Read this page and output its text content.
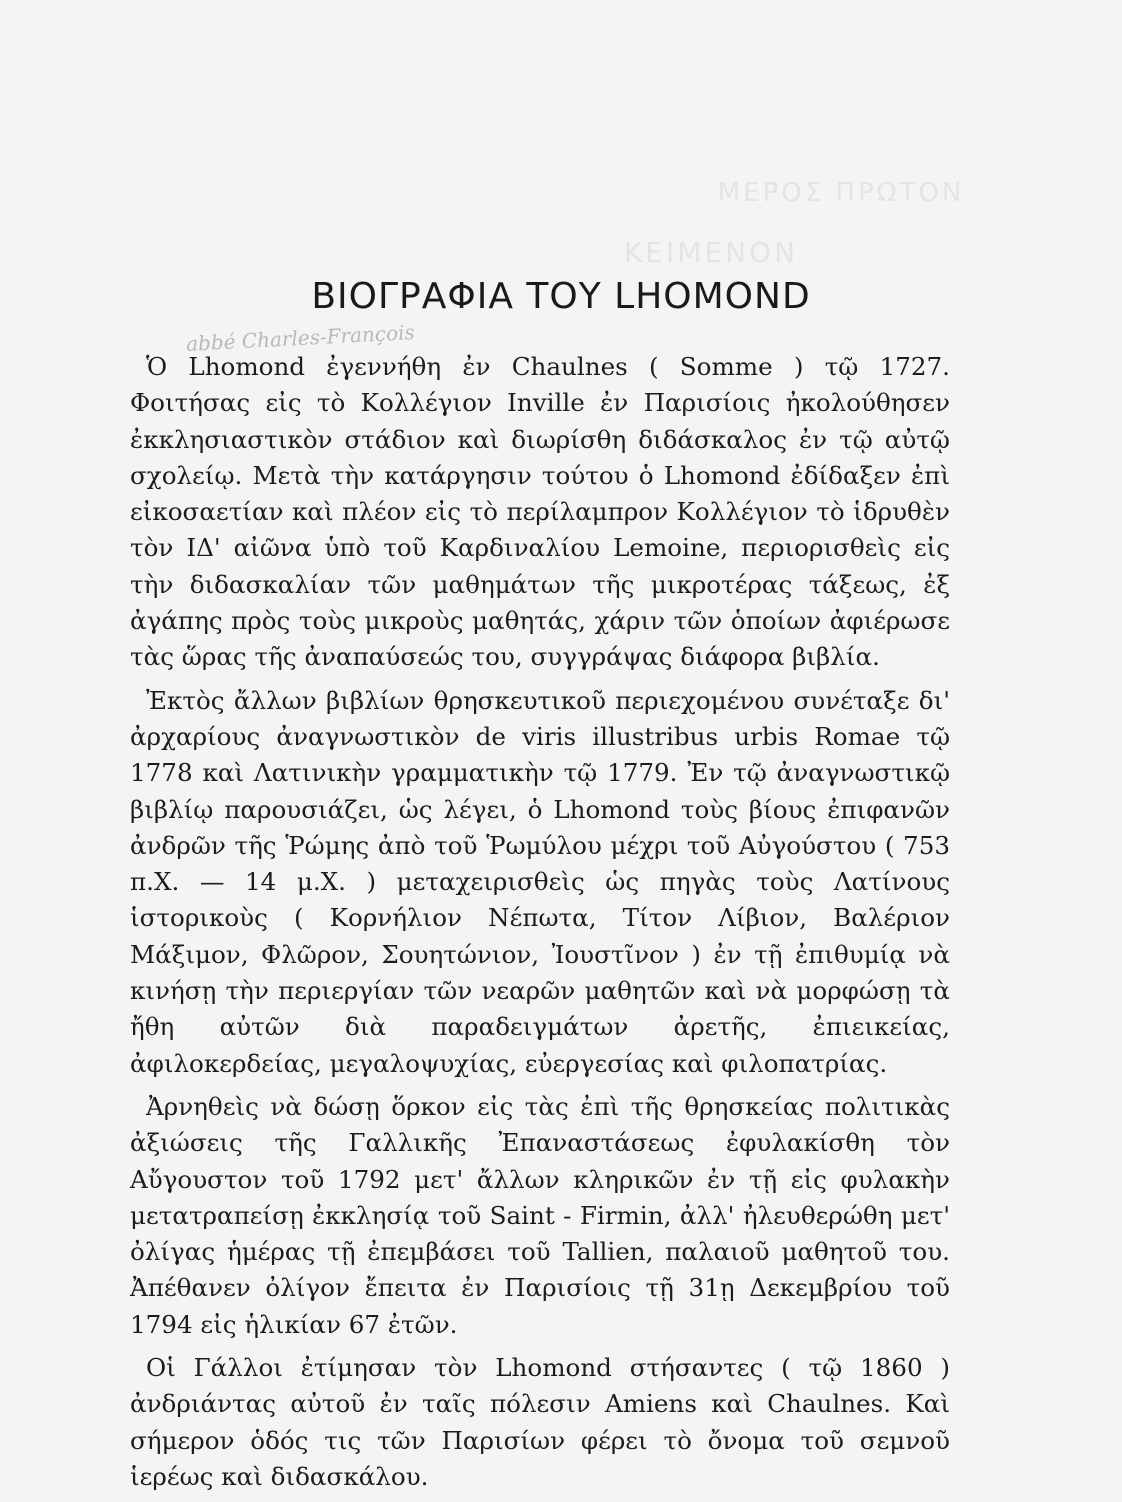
ΜΕΡΟΣ ΠΡΩΤΟΝ
ΚΕΙΜΕΝΟΝ
ΒΙΟΓΡΑΦΙΑ ΤΟΥ LHOMOND
abbé Charles-François

Ὁ Lhomond ἐγεννήθη ἐν Chaulnes ( Somme ) τῷ 1727. Φοιτήσας εἰς τὸ Κολλέγιον Inville ἐν Παρισίοις ἠκολούθησεν ἐκκλησιαστικὸν στάδιον καὶ διωρίσθη διδάσκαλος ἐν τῷ αὐτῷ σχολείῳ. Μετὰ τὴν κατάργησιν τούτου ὁ Lhomond ἐδίδαξεν ἐπὶ εἰκοσαετίαν καὶ πλέον εἰς τὸ περίλαμπρον Κολλέγιον τὸ ἱδρυθὲν τὸν ΙΔ' αἰῶνα ὑπὸ τοῦ Καρδιναλίου Lemoine, περιορισθεὶς εἰς τὴν διδασκαλίαν τῶν μαθημάτων τῆς μικροτέρας τάξεως, ἐξ ἀγάπης πρὸς τοὺς μικροὺς μαθητάς, χάριν τῶν ὁποίων ἀφιέρωσε τὰς ὥρας τῆς ἀναπαύσεώς του, συγγράψας διάφορα βιβλία.

Ἐκτὸς ἄλλων βιβλίων θρησκευτικοῦ περιεχομένου συνέταξε δι' ἀρχαρίους ἀναγνωστικὸν de viris illustribus urbis Romae τῷ 1778 καὶ Λατινικὴν γραμματικὴν τῷ 1779. Ἐν τῷ ἀναγνωστικῷ βιβλίῳ παρουσιάζει, ὡς λέγει, ὁ Lhomond τοὺς βίους ἐπιφανῶν ἀνδρῶν τῆς Ῥώμης ἀπὸ τοῦ Ῥωμύλου μέχρι τοῦ Αὐγούστου ( 753 π.Χ. — 14 μ.Χ. ) μεταχειρισθεὶς ὡς πηγὰς τοὺς Λατίνους ἱστορικοὺς ( Κορνήλιον Νέπωτα, Τίτον Λίβιον, Βαλέριον Μάξιμον, Φλῶρον, Σουητώνιον, Ἰουστῖνον ) ἐν τῇ ἐπιθυμίᾳ νὰ κινήσῃ τὴν περιεργίαν τῶν νεαρῶν μαθητῶν καὶ νὰ μορφώσῃ τὰ ἤθη αὐτῶν διὰ παραδειγμάτων ἀρετῆς, ἐπιεικείας, ἀφιλοκερδείας, μεγαλοψυχίας, εὐεργεσίας καὶ φιλοπατρίας.

Ἀρνηθεὶς νὰ δώσῃ ὅρκον εἰς τὰς ἐπὶ τῆς θρησκείας πολιτικὰς ἀξιώσεις τῆς Γαλλικῆς Ἐπαναστάσεως ἐφυλακίσθη τὸν Αὔγουστον τοῦ 1792 μετ' ἄλλων κληρικῶν ἐν τῇ εἰς φυλακὴν μετατραπείσῃ ἐκκλησίᾳ τοῦ Saint - Firmin, ἀλλ' ἠλευθερώθη μετ' ὀλίγας ἡμέρας τῇ ἐπεμβάσει τοῦ Tallien, παλαιοῦ μαθητοῦ του. Ἀπέθανεν ὀλίγον ἔπειτα ἐν Παρισίοις τῇ 31ῃ Δεκεμβρίου τοῦ 1794 εἰς ἡλικίαν 67 ἐτῶν.

Οἱ Γάλλοι ἐτίμησαν τὸν Lhomond στήσαντες ( τῷ 1860 ) ἀνδριάντας αὐτοῦ ἐν ταῖς πόλεσιν Amiens καὶ Chaulnes. Καὶ σήμερον ὁδός τις τῶν Παρισίων φέρει τὸ ὄνομα τοῦ σεμνοῦ ἱερέως καὶ διδασκάλου.
